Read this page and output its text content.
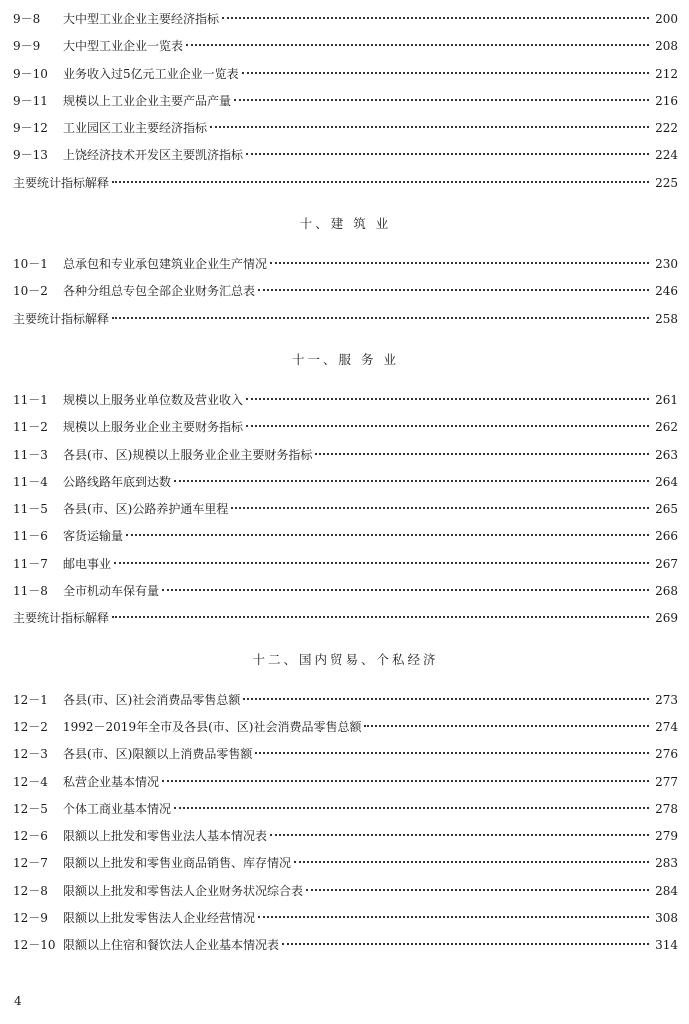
9－8	大中型工业企业主要经济指标	200
9－9	大中型工业企业一览表	208
9－10	业务收入过5亿元工业企业一览表	212
9－11	规模以上工业企业主要产品产量	216
9－12	工业园区工业主要经济指标	222
9－13	上饶经济技术开发区主要凯济指标	224
主要统计指标解释	225
十、建 筑 业
10－1	总承包和专业承包建筑业企业生产情况	230
10－2	各种分组总专包全部企业财务汇总表	246
主要统计指标解释	258
十一、服 务 业
11－1	规模以上服务业单位数及营业收入	261
11－2	规模以上服务业企业主要财务指标	262
11－3	各县(市、区)规模以上服务业企业主要财务指标	263
11－4	公路线路年底到达数	264
11－5	各县(市、区)公路养护通车里程	265
11－6	客货运输量	266
11－7	邮电事业	267
11－8	全市机动车保有量	268
主要统计指标解释	269
十二、国内贸易、个私经济
12－1	各县(市、区)社会消费品零售总额	273
12－2	1992－2019年全市及各县(市、区)社会消费品零售总额	274
12－3	各县(市、区)限额以上消费品零售额	276
12－4	私营企业基本情况	277
12－5	个体工商业基本情况	278
12－6	限额以上批发和零售业法人基本情况表	279
12－7	限额以上批发和零售业商品销售、库存情况	283
12－8	限额以上批发和零售法人企业财务状况综合表	284
12－9	限额以上批发零售法人企业经营情况	308
12－10 限额以上住宿和餐饮法人企业基本情况表	314
4
